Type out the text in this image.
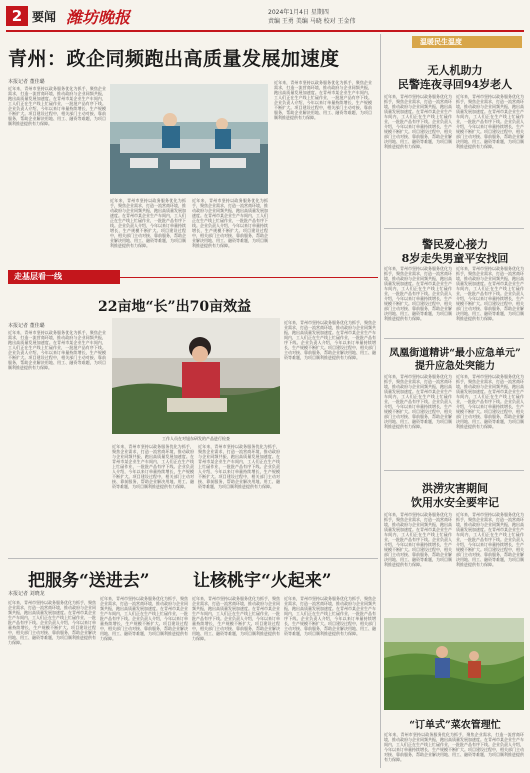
2 要闻 潍坊晚报	2024年1月4日 星期四
责编 王勇 美编 马晓 校对 王金伟
青州：政企同频跑出高质量发展加速度
本报记者 董佳璐
近年来，青州市坚持以政务服务优化为抓手，聚焦企业需求，打造一流营商环境，推动政府与企业同频共振，跑出高质量发展加速度。在青州市某企业生产车间内，工人们正在生产线上忙碌作业，一批批产品有序下线。企业负责人介绍，今年以来订单量持续增长，生产规模不断扩大。项目建设过程中，相关部门主动对接、靠前服务，帮助企业解决用地、用工、融资等难题，为项目顺利推进提供有力保障。
近年来，青州市坚持以政务服务优化为抓手，聚焦企业需求，打造一流营商环境，推动政府与企业同频共振，跑出高质量发展加速度。在青州市某企业生产车间内，工人们正在生产线上忙碌作业，一批批产品有序下线。企业负责人介绍，今年以来订单量持续增长，生产规模不断扩大。项目建设过程中，相关部门主动对接、靠前服务，帮助企业解决用地、用工、融资等难题，为项目顺利推进提供有力保障。
近年来，青州市坚持以政务服务优化为抓手，聚焦企业需求，打造一流营商环境，推动政府与企业同频共振，跑出高质量发展加速度。在青州市某企业生产车间内，工人们正在生产线上忙碌作业，一批批产品有序下线。企业负责人介绍，今年以来订单量持续增长，生产规模不断扩大。项目建设过程中，相关部门主动对接、靠前服务，帮助企业解决用地、用工、融资等难题，为项目顺利推进提供有力保障。
近年来，青州市坚持以政务服务优化为抓手，聚焦企业需求，打造一流营商环境，推动政府与企业同频共振，跑出高质量发展加速度。在青州市某企业生产车间内，工人们正在生产线上忙碌作业，一批批产品有序下线。企业负责人介绍，今年以来订单量持续增长，生产规模不断扩大。项目建设过程中，相关部门主动对接、靠前服务，帮助企业解决用地、用工、融资等难题，为项目顺利推进提供有力保障。
走基层看一线
22亩地“长”出70亩效益
本报记者 董佳璐
近年来，青州市坚持以政务服务优化为抓手，聚焦企业需求，打造一流营商环境，推动政府与企业同频共振，跑出高质量发展加速度。在青州市某企业生产车间内，工人们正在生产线上忙碌作业，一批批产品有序下线。企业负责人介绍，今年以来订单量持续增长，生产规模不断扩大。项目建设过程中，相关部门主动对接、靠前服务，帮助企业解决用地、用工、融资等难题，为项目顺利推进提供有力保障。
工作人员在对旭东研发的产品进行检查
近年来，青州市坚持以政务服务优化为抓手，聚焦企业需求，打造一流营商环境，推动政府与企业同频共振，跑出高质量发展加速度。在青州市某企业生产车间内，工人们正在生产线上忙碌作业，一批批产品有序下线。企业负责人介绍，今年以来订单量持续增长，生产规模不断扩大。项目建设过程中，相关部门主动对接、靠前服务，帮助企业解决用地、用工、融资等难题，为项目顺利推进提供有力保障。
近年来，青州市坚持以政务服务优化为抓手，聚焦企业需求，打造一流营商环境，推动政府与企业同频共振，跑出高质量发展加速度。在青州市某企业生产车间内，工人们正在生产线上忙碌作业，一批批产品有序下线。企业负责人介绍，今年以来订单量持续增长，生产规模不断扩大。项目建设过程中，相关部门主动对接、靠前服务，帮助企业解决用地、用工、融资等难题，为项目顺利推进提供有力保障。
近年来，青州市坚持以政务服务优化为抓手，聚焦企业需求，打造一流营商环境，推动政府与企业同频共振，跑出高质量发展加速度。在青州市某企业生产车间内，工人们正在生产线上忙碌作业，一批批产品有序下线。企业负责人介绍，今年以来订单量持续增长，生产规模不断扩大。项目建设过程中，相关部门主动对接、靠前服务，帮助企业解决用地、用工、融资等难题，为项目顺利推进提供有力保障。
把服务“送进去”	让核桃宇“火起来”
本报记者 刘晓龙
近年来，青州市坚持以政务服务优化为抓手，聚焦企业需求，打造一流营商环境，推动政府与企业同频共振，跑出高质量发展加速度。在青州市某企业生产车间内，工人们正在生产线上忙碌作业，一批批产品有序下线。企业负责人介绍，今年以来订单量持续增长，生产规模不断扩大。项目建设过程中，相关部门主动对接、靠前服务，帮助企业解决用地、用工、融资等难题，为项目顺利推进提供有力保障。
近年来，青州市坚持以政务服务优化为抓手，聚焦企业需求，打造一流营商环境，推动政府与企业同频共振，跑出高质量发展加速度。在青州市某企业生产车间内，工人们正在生产线上忙碌作业，一批批产品有序下线。企业负责人介绍，今年以来订单量持续增长，生产规模不断扩大。项目建设过程中，相关部门主动对接、靠前服务，帮助企业解决用地、用工、融资等难题，为项目顺利推进提供有力保障。
近年来，青州市坚持以政务服务优化为抓手，聚焦企业需求，打造一流营商环境，推动政府与企业同频共振，跑出高质量发展加速度。在青州市某企业生产车间内，工人们正在生产线上忙碌作业，一批批产品有序下线。企业负责人介绍，今年以来订单量持续增长，生产规模不断扩大。项目建设过程中，相关部门主动对接、靠前服务，帮助企业解决用地、用工、融资等难题，为项目顺利推进提供有力保障。
近年来，青州市坚持以政务服务优化为抓手，聚焦企业需求，打造一流营商环境，推动政府与企业同频共振，跑出高质量发展加速度。在青州市某企业生产车间内，工人们正在生产线上忙碌作业，一批批产品有序下线。企业负责人介绍，今年以来订单量持续增长，生产规模不断扩大。项目建设过程中，相关部门主动对接、靠前服务，帮助企业解决用地、用工、融资等难题，为项目顺利推进提供有力保障。
温暖民生温度
无人机助力
民警连夜寻回94岁老人
近年来，青州市坚持以政务服务优化为抓手，聚焦企业需求，打造一流营商环境，推动政府与企业同频共振，跑出高质量发展加速度。在青州市某企业生产车间内，工人们正在生产线上忙碌作业，一批批产品有序下线。企业负责人介绍，今年以来订单量持续增长，生产规模不断扩大。项目建设过程中，相关部门主动对接、靠前服务，帮助企业解决用地、用工、融资等难题，为项目顺利推进提供有力保障。
近年来，青州市坚持以政务服务优化为抓手，聚焦企业需求，打造一流营商环境，推动政府与企业同频共振，跑出高质量发展加速度。在青州市某企业生产车间内，工人们正在生产线上忙碌作业，一批批产品有序下线。企业负责人介绍，今年以来订单量持续增长，生产规模不断扩大。项目建设过程中，相关部门主动对接、靠前服务，帮助企业解决用地、用工、融资等难题，为项目顺利推进提供有力保障。
警民爱心接力
8岁走失男童平安找回
近年来，青州市坚持以政务服务优化为抓手，聚焦企业需求，打造一流营商环境，推动政府与企业同频共振，跑出高质量发展加速度。在青州市某企业生产车间内，工人们正在生产线上忙碌作业，一批批产品有序下线。企业负责人介绍，今年以来订单量持续增长，生产规模不断扩大。项目建设过程中，相关部门主动对接、靠前服务，帮助企业解决用地、用工、融资等难题，为项目顺利推进提供有力保障。
近年来，青州市坚持以政务服务优化为抓手，聚焦企业需求，打造一流营商环境，推动政府与企业同频共振，跑出高质量发展加速度。在青州市某企业生产车间内，工人们正在生产线上忙碌作业，一批批产品有序下线。企业负责人介绍，今年以来订单量持续增长，生产规模不断扩大。项目建设过程中，相关部门主动对接、靠前服务，帮助企业解决用地、用工、融资等难题，为项目顺利推进提供有力保障。
凤凰街道精讲“最小应急单元”
提升应急处突能力
近年来，青州市坚持以政务服务优化为抓手，聚焦企业需求，打造一流营商环境，推动政府与企业同频共振，跑出高质量发展加速度。在青州市某企业生产车间内，工人们正在生产线上忙碌作业，一批批产品有序下线。企业负责人介绍，今年以来订单量持续增长，生产规模不断扩大。项目建设过程中，相关部门主动对接、靠前服务，帮助企业解决用地、用工、融资等难题，为项目顺利推进提供有力保障。
近年来，青州市坚持以政务服务优化为抓手，聚焦企业需求，打造一流营商环境，推动政府与企业同频共振，跑出高质量发展加速度。在青州市某企业生产车间内，工人们正在生产线上忙碌作业，一批批产品有序下线。企业负责人介绍，今年以来订单量持续增长，生产规模不断扩大。项目建设过程中，相关部门主动对接、靠前服务，帮助企业解决用地、用工、融资等难题，为项目顺利推进提供有力保障。
洪涝灾害期间
饮用水安全要牢记
近年来，青州市坚持以政务服务优化为抓手，聚焦企业需求，打造一流营商环境，推动政府与企业同频共振，跑出高质量发展加速度。在青州市某企业生产车间内，工人们正在生产线上忙碌作业，一批批产品有序下线。企业负责人介绍，今年以来订单量持续增长，生产规模不断扩大。项目建设过程中，相关部门主动对接、靠前服务，帮助企业解决用地、用工、融资等难题，为项目顺利推进提供有力保障。
近年来，青州市坚持以政务服务优化为抓手，聚焦企业需求，打造一流营商环境，推动政府与企业同频共振，跑出高质量发展加速度。在青州市某企业生产车间内，工人们正在生产线上忙碌作业，一批批产品有序下线。企业负责人介绍，今年以来订单量持续增长，生产规模不断扩大。项目建设过程中，相关部门主动对接、靠前服务，帮助企业解决用地、用工、融资等难题，为项目顺利推进提供有力保障。
“订单式”菜农管理忙
近年来，青州市坚持以政务服务优化为抓手，聚焦企业需求，打造一流营商环境，推动政府与企业同频共振，跑出高质量发展加速度。在青州市某企业生产车间内，工人们正在生产线上忙碌作业，一批批产品有序下线。企业负责人介绍，今年以来订单量持续增长，生产规模不断扩大。项目建设过程中，相关部门主动对接、靠前服务，帮助企业解决用地、用工、融资等难题，为项目顺利推进提供有力保障。
